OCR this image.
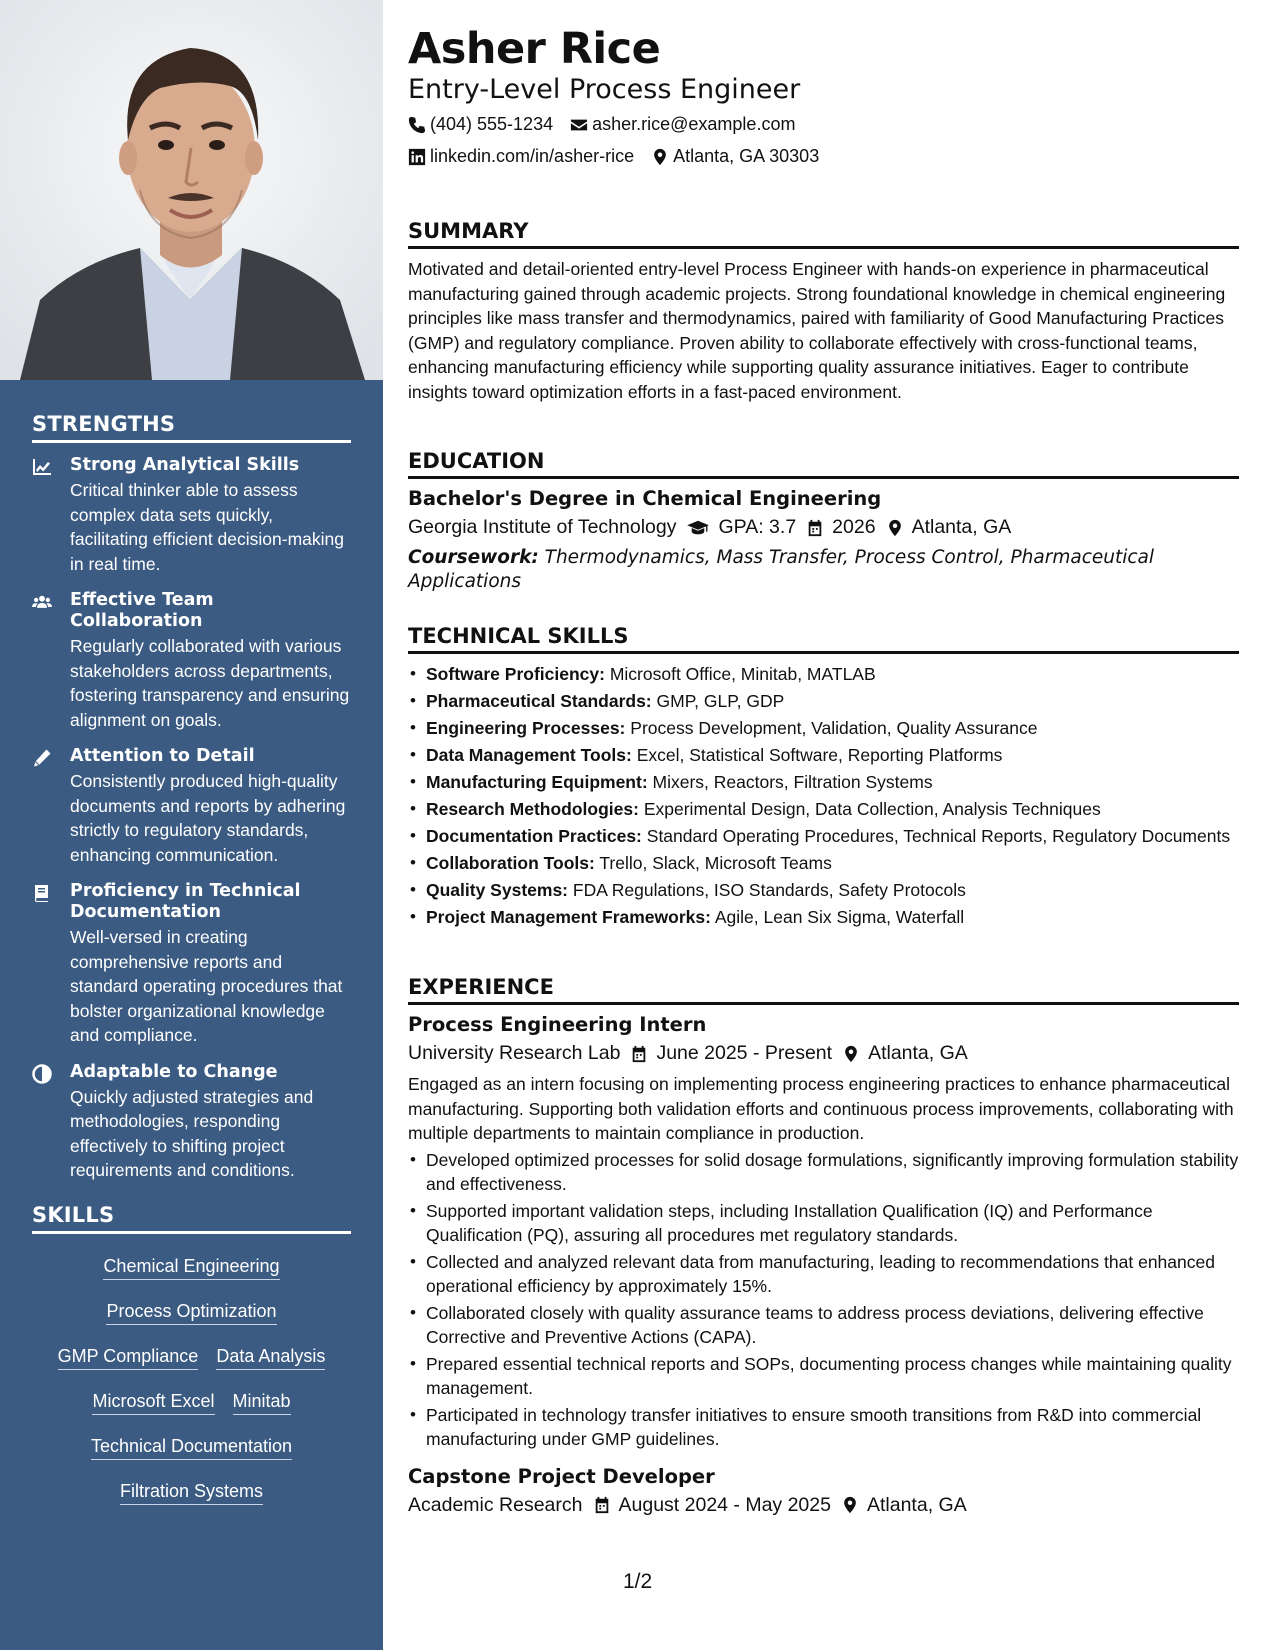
STRENGTHS
Strong Analytical Skills
Critical thinker able to assess complex data sets quickly, facilitating efficient decision-making in real time.
Effective Team Collaboration
Regularly collaborated with various stakeholders across departments, fostering transparency and ensuring alignment on goals.
Attention to Detail
Consistently produced high-quality documents and reports by adhering strictly to regulatory standards, enhancing communication.
Proficiency in Technical Documentation
Well-versed in creating comprehensive reports and standard operating procedures that bolster organizational knowledge and compliance.
Adaptable to Change
Quickly adjusted strategies and methodologies, responding effectively to shifting project requirements and conditions.
SKILLS
Chemical Engineering
Process Optimization
GMP Compliance Data Analysis
Microsoft Excel Minitab
Technical Documentation
Filtration Systems
Asher Rice
Entry-Level Process Engineer
(404) 555-1234 asher.rice@example.com
linkedin.com/in/asher-rice Atlanta, GA 30303
SUMMARY
Motivated and detail-oriented entry-level Process Engineer with hands-on experience in pharmaceutical manufacturing gained through academic projects. Strong foundational knowledge in chemical engineering principles like mass transfer and thermodynamics, paired with familiarity of Good Manufacturing Practices (GMP) and regulatory compliance. Proven ability to collaborate effectively with cross-functional teams, enhancing manufacturing efficiency while supporting quality assurance initiatives. Eager to contribute insights toward optimization efforts in a fast-paced environment.
EDUCATION
Bachelor's Degree in Chemical Engineering
Georgia Institute of Technology GPA: 3.7 2026 Atlanta, GA
Coursework: Thermodynamics, Mass Transfer, Process Control, Pharmaceutical Applications
TECHNICAL SKILLS
• Software Proficiency: Microsoft Office, Minitab, MATLAB
• Pharmaceutical Standards: GMP, GLP, GDP
• Engineering Processes: Process Development, Validation, Quality Assurance
• Data Management Tools: Excel, Statistical Software, Reporting Platforms
• Manufacturing Equipment: Mixers, Reactors, Filtration Systems
• Research Methodologies: Experimental Design, Data Collection, Analysis Techniques
• Documentation Practices: Standard Operating Procedures, Technical Reports, Regulatory Documents
• Collaboration Tools: Trello, Slack, Microsoft Teams
• Quality Systems: FDA Regulations, ISO Standards, Safety Protocols
• Project Management Frameworks: Agile, Lean Six Sigma, Waterfall
EXPERIENCE
Process Engineering Intern
University Research Lab June 2025 - Present Atlanta, GA
Engaged as an intern focusing on implementing process engineering practices to enhance pharmaceutical manufacturing. Supporting both validation efforts and continuous process improvements, collaborating with multiple departments to maintain compliance in production.
• Developed optimized processes for solid dosage formulations, significantly improving formulation stability and effectiveness.
• Supported important validation steps, including Installation Qualification (IQ) and Performance Qualification (PQ), assuring all procedures met regulatory standards.
• Collected and analyzed relevant data from manufacturing, leading to recommendations that enhanced operational efficiency by approximately 15%.
• Collaborated closely with quality assurance teams to address process deviations, delivering effective Corrective and Preventive Actions (CAPA).
• Prepared essential technical reports and SOPs, documenting process changes while maintaining quality management.
• Participated in technology transfer initiatives to ensure smooth transitions from R&D into commercial manufacturing under GMP guidelines.
Capstone Project Developer
Academic Research August 2024 - May 2025 Atlanta, GA
1/2
